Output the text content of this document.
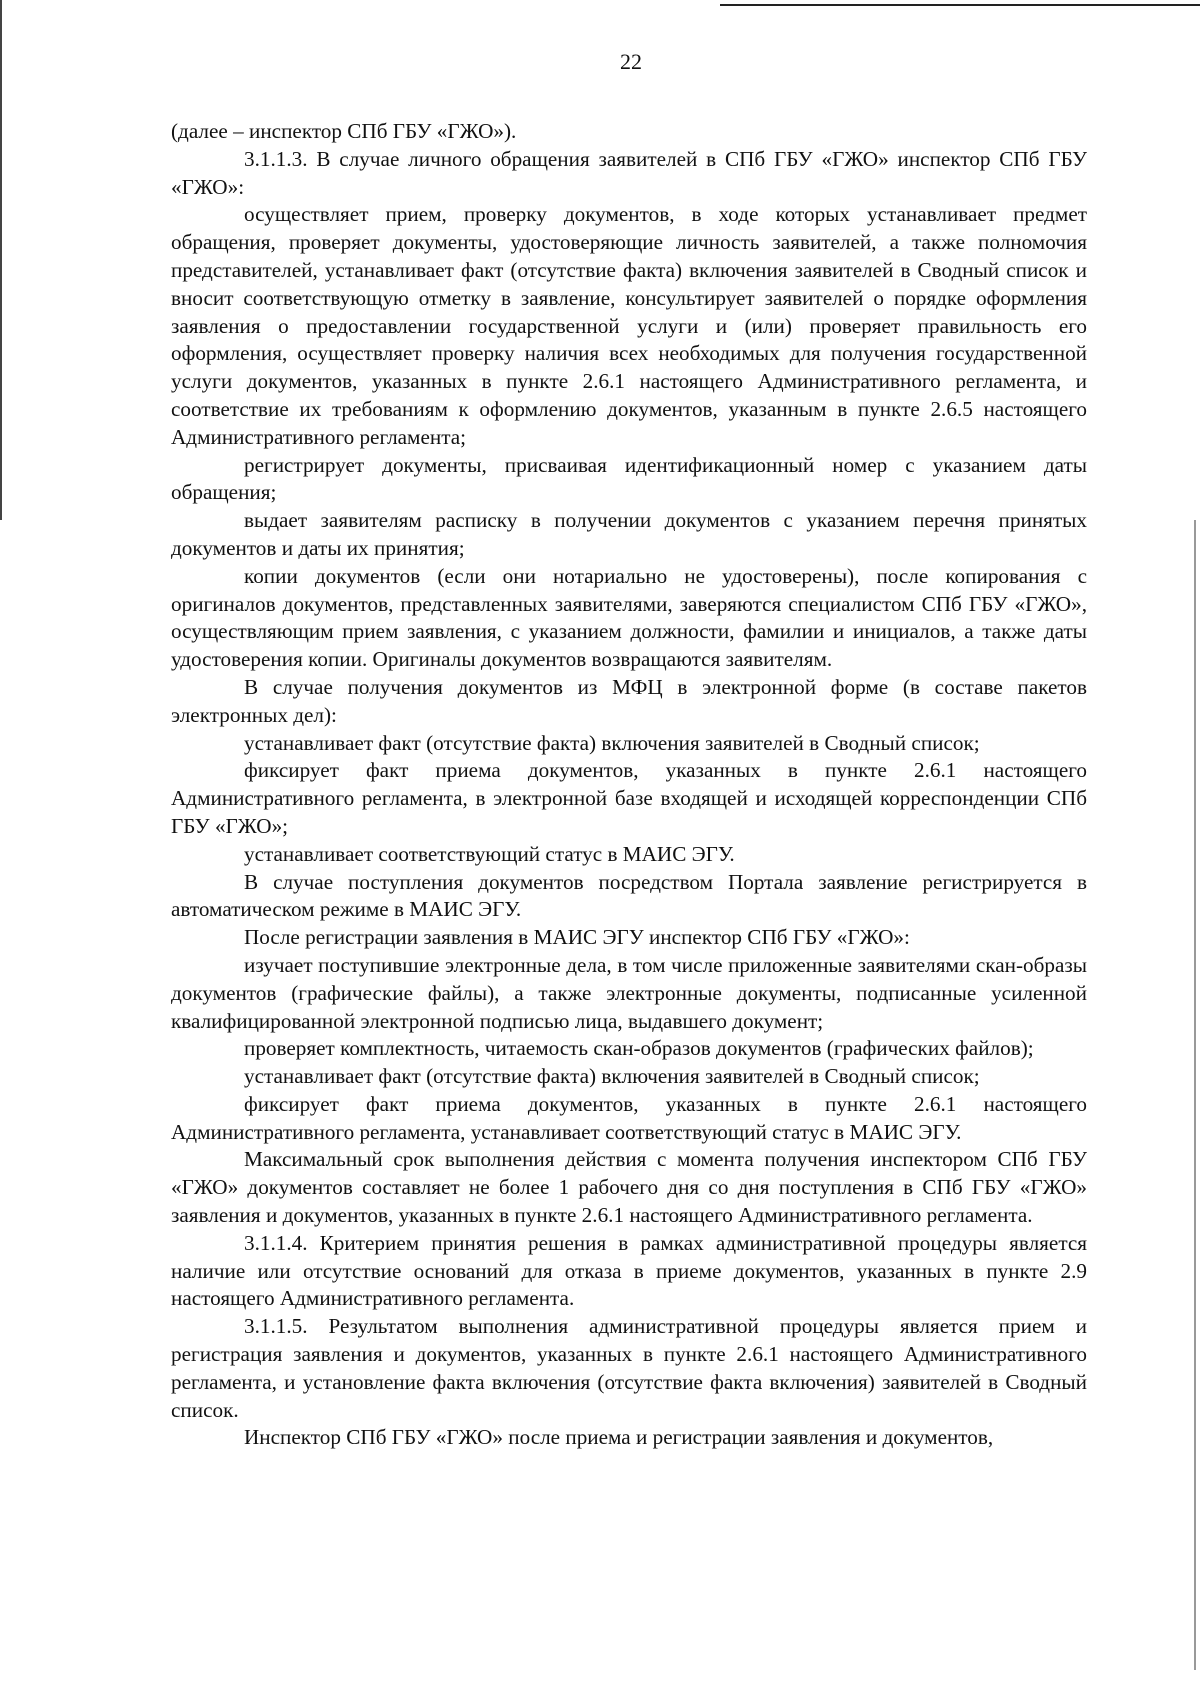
22

(далее – инспектор СПб ГБУ «ГЖО»).

3.1.1.3. В случае личного обращения заявителей в СПб ГБУ «ГЖО» инспектор СПб ГБУ «ГЖО»:

осуществляет прием, проверку документов, в ходе которых устанавливает предмет обращения, проверяет документы, удостоверяющие личность заявителей, а также полномочия представителей, устанавливает факт (отсутствие факта) включения заявителей в Сводный список и вносит соответствующую отметку в заявление, консультирует заявителей о порядке оформления заявления о предоставлении государственной услуги и (или) проверяет правильность его оформления, осуществляет проверку наличия всех необходимых для получения государственной услуги документов, указанных в пункте 2.6.1 настоящего Административного регламента, и соответствие их требованиям к оформлению документов, указанным в пункте 2.6.5 настоящего Административного регламента;

регистрирует документы, присваивая идентификационный номер с указанием даты обращения;

выдает заявителям расписку в получении документов с указанием перечня принятых документов и даты их принятия;

копии документов (если они нотариально не удостоверены), после копирования с оригиналов документов, представленных заявителями, заверяются специалистом СПб ГБУ «ГЖО», осуществляющим прием заявления, с указанием должности, фамилии и инициалов, а также даты удостоверения копии. Оригиналы документов возвращаются заявителям.

В случае получения документов из МФЦ в электронной форме (в составе пакетов электронных дел):

устанавливает факт (отсутствие факта) включения заявителей в Сводный список;

фиксирует факт приема документов, указанных в пункте 2.6.1 настоящего Административного регламента, в электронной базе входящей и исходящей корреспонденции СПб ГБУ «ГЖО»;

устанавливает соответствующий статус в МАИС ЭГУ.

В случае поступления документов посредством Портала заявление регистрируется в автоматическом режиме в МАИС ЭГУ.

После регистрации заявления в МАИС ЭГУ инспектор СПб ГБУ «ГЖО»:

изучает поступившие электронные дела, в том числе приложенные заявителями скан-образы документов (графические файлы), а также электронные документы, подписанные усиленной квалифицированной электронной подписью лица, выдавшего документ;

проверяет комплектность, читаемость скан-образов документов (графических файлов);

устанавливает факт (отсутствие факта) включения заявителей в Сводный список;

фиксирует факт приема документов, указанных в пункте 2.6.1 настоящего Административного регламента, устанавливает соответствующий статус в МАИС ЭГУ.

Максимальный срок выполнения действия с момента получения инспектором СПб ГБУ «ГЖО» документов составляет не более 1 рабочего дня со дня поступления в СПб ГБУ «ГЖО» заявления и документов, указанных в пункте 2.6.1 настоящего Административного регламента.

3.1.1.4. Критерием принятия решения в рамках административной процедуры является наличие или отсутствие оснований для отказа в приеме документов, указанных в пункте 2.9 настоящего Административного регламента.

3.1.1.5. Результатом выполнения административной процедуры является прием и регистрация заявления и документов, указанных в пункте 2.6.1 настоящего Административного регламента, и установление факта включения (отсутствие факта включения) заявителей в Сводный список.

Инспектор СПб ГБУ «ГЖО» после приема и регистрации заявления и документов,
